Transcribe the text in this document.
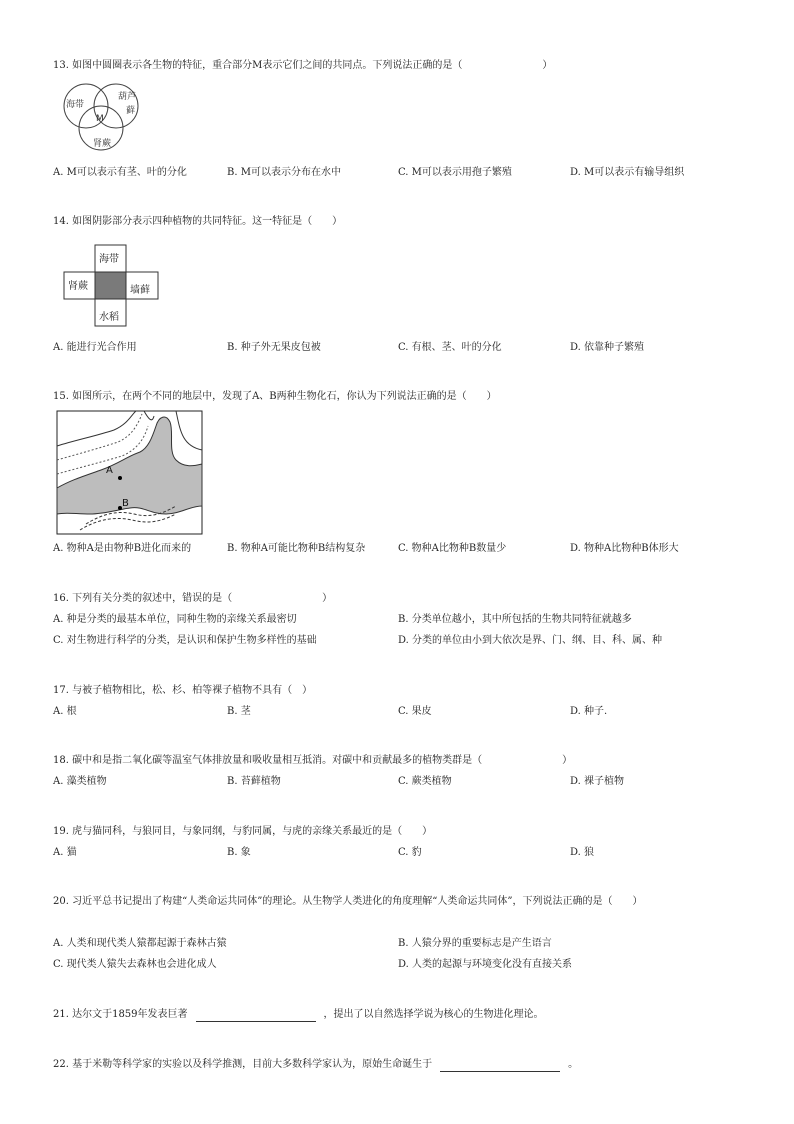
13. 如图中圆圈表示各生物的特征，重合部分M表示它们之间的共同点。下列说法正确的是（　　　　　　　　）
海带
葫芦
藓
M
肾蕨
A. M可以表示有茎、叶的分化	B. M可以表示分布在水中	C. M可以表示用孢子繁殖	D. M可以表示有输导组织
14. 如图阴影部分表示四种植物的共同特征。这一特征是（　　）
海带
肾蕨	墙藓
水稻
A. 能进行光合作用	B. 种子外无果皮包被	C. 有根、茎、叶的分化	D. 依靠种子繁殖
15. 如图所示，在两个不同的地层中，发现了A、B两种生物化石，你认为下列说法正确的是（　　）
A
B
A. 物种A是由物种B进化而来的	B. 物种A可能比物种B结构复杂	C. 物种A比物种B数量少	D. 物种A比物种B体形大
16. 下列有关分类的叙述中，错误的是（　　　　　　　　　）
A. 种是分类的最基本单位，同种生物的亲缘关系最密切	B. 分类单位越小，其中所包括的生物共同特征就越多
C. 对生物进行科学的分类，是认识和保护生物多样性的基础	D. 分类的单位由小到大依次是界、门、纲、目、科、属、种
17. 与被子植物相比，松、杉、柏等裸子植物不具有（　）
A. 根	B. 茎	C. 果皮	D. 种子.
18. 碳中和是指二氧化碳等温室气体排放量和吸收量相互抵消。对碳中和贡献最多的植物类群是（　　　　　　　　）
A. 藻类植物	B. 苔藓植物	C. 蕨类植物	D. 裸子植物
19. 虎与猫同科，与狼同目，与象同纲，与豹同属，与虎的亲缘关系最近的是（　　）
A. 猫	B. 象	C. 豹	D. 狼
20. 习近平总书记提出了构建“人类命运共同体”的理论。从生物学人类进化的角度理解“人类命运共同体”，下列说法正确的是（　　）
A. 人类和现代类人猿都起源于森林古猿	B. 人猿分界的重要标志是产生语言
C. 现代类人猿失去森林也会进化成人	D. 人类的起源与环境变化没有直接关系
21. 达尔文于1859年发表巨著	，提出了以自然选择学说为核心的生物进化理论。
22. 基于米勒等科学家的实验以及科学推测，目前大多数科学家认为，原始生命诞生于	。
